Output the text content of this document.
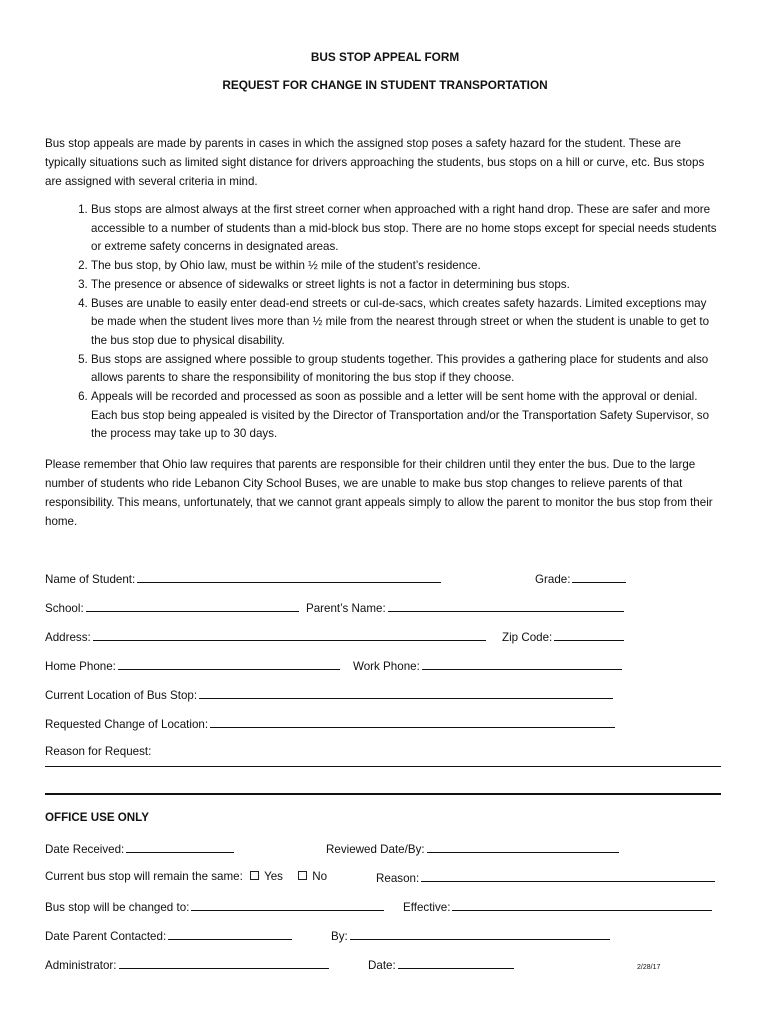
BUS STOP APPEAL FORM
REQUEST FOR CHANGE IN STUDENT TRANSPORTATION

Bus stop appeals are made by parents in cases in which the assigned stop poses a safety hazard for the student. These are typically situations such as limited sight distance for drivers approaching the students, bus stops on a hill or curve, etc. Bus stops are assigned with several criteria in mind.

1. Bus stops are almost always at the first street corner when approached with a right hand drop. These are safer and more accessible to a number of students than a mid-block bus stop. There are no home stops except for special needs students or extreme safety concerns in designated areas.
2. The bus stop, by Ohio law, must be within ½ mile of the student’s residence.
3. The presence or absence of sidewalks or street lights is not a factor in determining bus stops.
4. Buses are unable to easily enter dead-end streets or cul-de-sacs, which creates safety hazards. Limited exceptions may be made when the student lives more than ½ mile from the nearest through street or when the student is unable to get to the bus stop due to physical disability.
5. Bus stops are assigned where possible to group students together. This provides a gathering place for students and also allows parents to share the responsibility of monitoring the bus stop if they choose.
6. Appeals will be recorded and processed as soon as possible and a letter will be sent home with the approval or denial. Each bus stop being appealed is visited by the Director of Transportation and/or the Transportation Safety Supervisor, so the process may take up to 30 days.

Please remember that Ohio law requires that parents are responsible for their children until they enter the bus. Due to the large number of students who ride Lebanon City School Buses, we are unable to make bus stop changes to relieve parents of that responsibility. This means, unfortunately, that we cannot grant appeals simply to allow the parent to monitor the bus stop from their home.

Name of Student:	Grade:
School:	Parent’s Name:
Address:	Zip Code:
Home Phone:	Work Phone:
Current Location of Bus Stop:
Requested Change of Location:
Reason for Request:
OFFICE USE ONLY
Date Received:	Reviewed Date/By:
Current bus stop will remain the same: Yes	No	Reason:
Bus stop will be changed to:	Effective:
Date Parent Contacted:	By:
Administrator:	Date:	2/28/17
